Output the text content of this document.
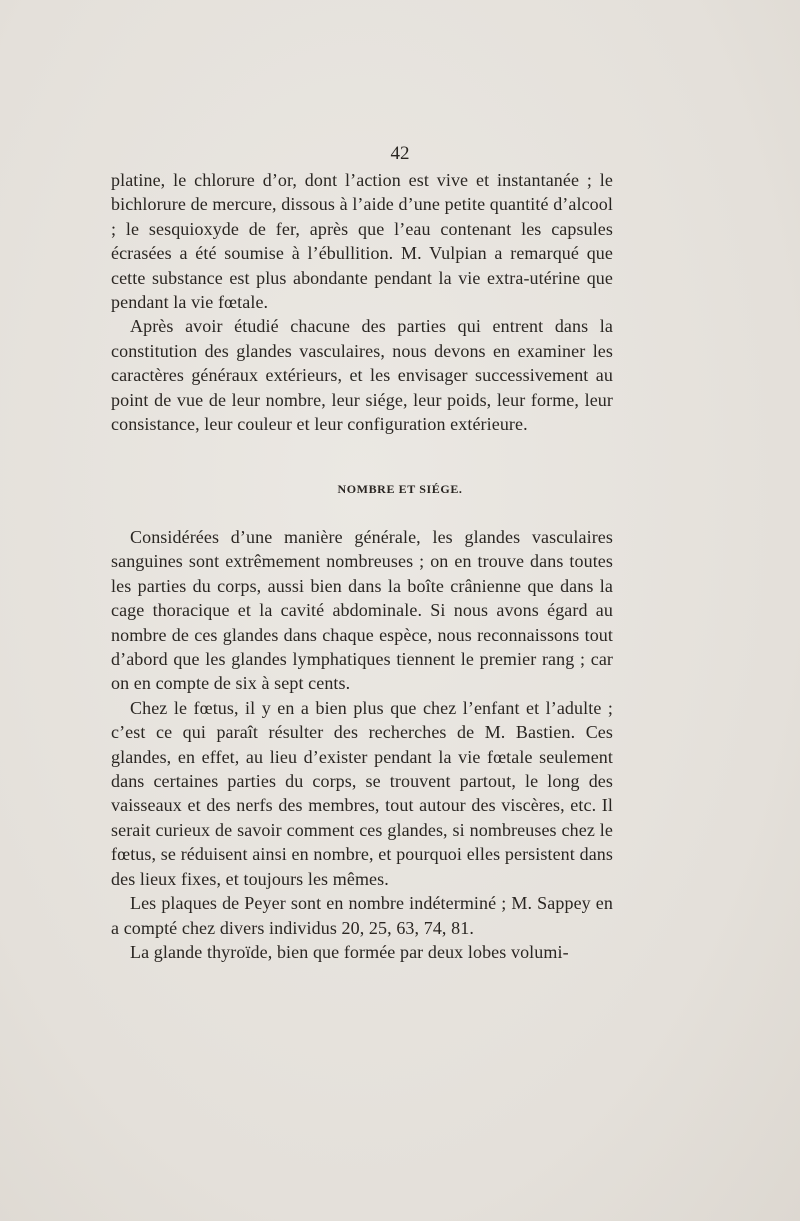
42

platine, le chlorure d’or, dont l’action est vive et instantanée ; le bichlorure de mercure, dissous à l’aide d’une petite quantité d’alcool ; le sesquioxyde de fer, après que l’eau contenant les capsules écrasées a été soumise à l’ébullition. M. Vulpian a remarqué que cette substance est plus abondante pendant la vie extra-utérine que pendant la vie fœtale.

Après avoir étudié chacune des parties qui entrent dans la constitution des glandes vasculaires, nous devons en examiner les caractères généraux extérieurs, et les envisager successivement au point de vue de leur nombre, leur siége, leur poids, leur forme, leur consistance, leur couleur et leur configuration extérieure.

NOMBRE ET SIÉGE.

Considérées d’une manière générale, les glandes vasculaires sanguines sont extrêmement nombreuses ; on en trouve dans toutes les parties du corps, aussi bien dans la boîte crânienne que dans la cage thoracique et la cavité abdominale. Si nous avons égard au nombre de ces glandes dans chaque espèce, nous reconnaissons tout d’abord que les glandes lymphatiques tiennent le premier rang ; car on en compte de six à sept cents.

Chez le fœtus, il y en a bien plus que chez l’enfant et l’adulte ; c’est ce qui paraît résulter des recherches de M. Bastien. Ces glandes, en effet, au lieu d’exister pendant la vie fœtale seulement dans certaines parties du corps, se trouvent partout, le long des vaisseaux et des nerfs des membres, tout autour des viscères, etc. Il serait curieux de savoir comment ces glandes, si nombreuses chez le fœtus, se réduisent ainsi en nombre, et pourquoi elles persistent dans des lieux fixes, et toujours les mêmes.

Les plaques de Peyer sont en nombre indéterminé ; M. Sappey en a compté chez divers individus 20, 25, 63, 74, 81.

La glande thyroïde, bien que formée par deux lobes volumi-
